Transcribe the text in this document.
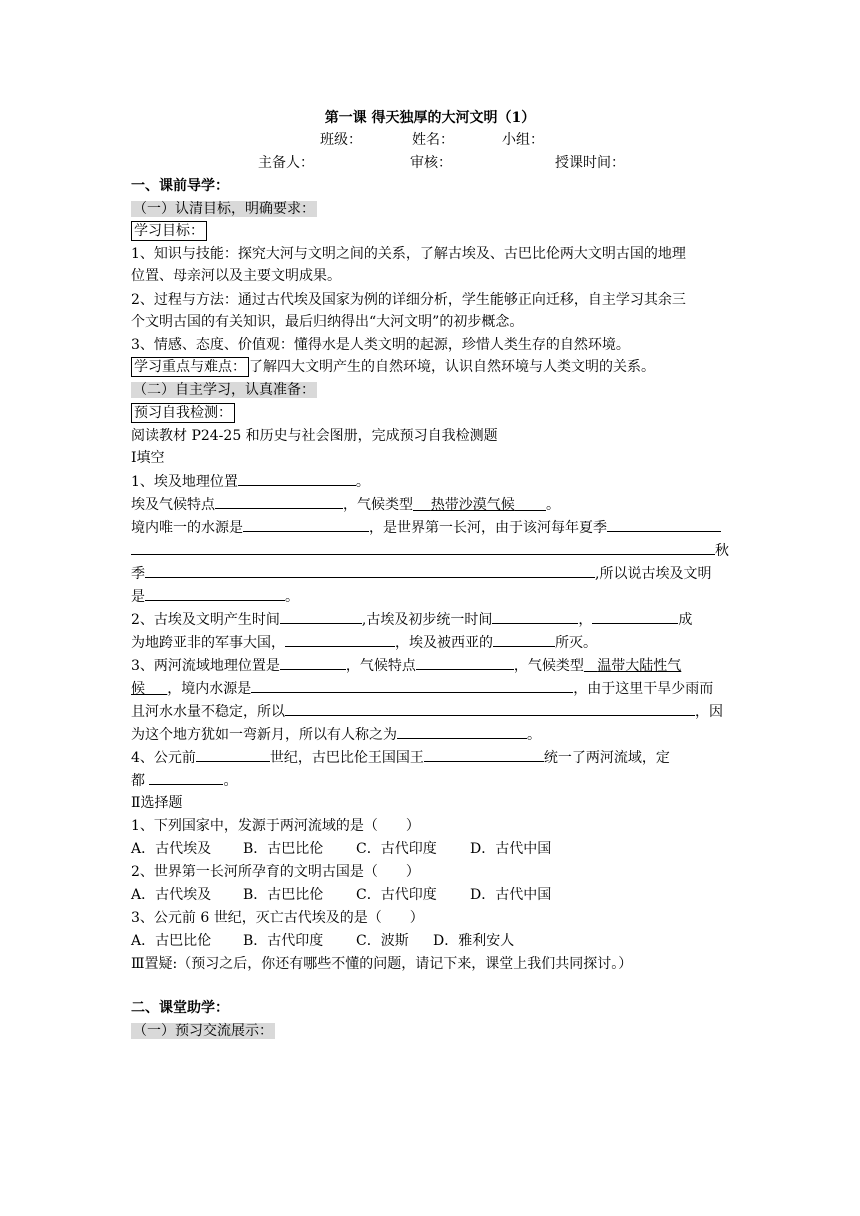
第一课 得天独厚的大河文明（1）
班级：	姓名：	小组：
主备人：	审核：	授课时间：
一、课前导学：
（一）认清目标，明确要求：
学习目标：
1、知识与技能：探究大河与文明之间的关系，了解古埃及、古巴比伦两大文明古国的地理
位置、母亲河以及主要文明成果。
2、过程与方法：通过古代埃及国家为例的详细分析，学生能够正向迁移，自主学习其余三
个文明古国的有关知识，最后归纳得出“大河文明”的初步概念。
3、情感、态度、价值观：懂得水是人类文明的起源，珍惜人类生存的自然环境。
学习重点与难点： 了解四大文明产生的自然环境，认识自然环境与人类文明的关系。
（二）自主学习，认真准备：
预习自我检测：
阅读教材 P24-25 和历史与社会图册，完成预习自我检测题
Ⅰ填空
1、埃及地理位置	。
埃及气候特点	，气候类型 热带沙漠气候 。
境内唯一的水源是	，是世界第一长河，由于该河每年夏季
秋
季	,所以说古埃及文明
是	。
2、古埃及文明产生时间	,古埃及初步统一时间	，	成
为地跨亚非的军事大国，	，埃及被西亚的	所灭。
3、两河流域地理位置是	，气候特点	，气候类型 温带大陆性气
候 ，境内水源是	，由于这里干旱少雨而
且河水水量不稳定，所以	，因
为这个地方犹如一弯新月，所以有人称之为	。
4、公元前	世纪，古巴比伦王国国王	统一了两河流域，定
都	。
Ⅱ选择题
1、下列国家中，发源于两河流域的是（　　）
A．古代埃及 B．古巴比伦 C．古代印度 D．古代中国
2、世界第一长河所孕育的文明古国是（　　）
A．古代埃及 B．古巴比伦 C．古代印度 D．古代中国
3、公元前 6 世纪，灭亡古代埃及的是（　　）
A．古巴比伦 B．古代印度 C．波斯 D．雅利安人
Ⅲ置疑:（预习之后，你还有哪些不懂的问题，请记下来，课堂上我们共同探讨。）
二、课堂助学：
（一）预习交流展示：
